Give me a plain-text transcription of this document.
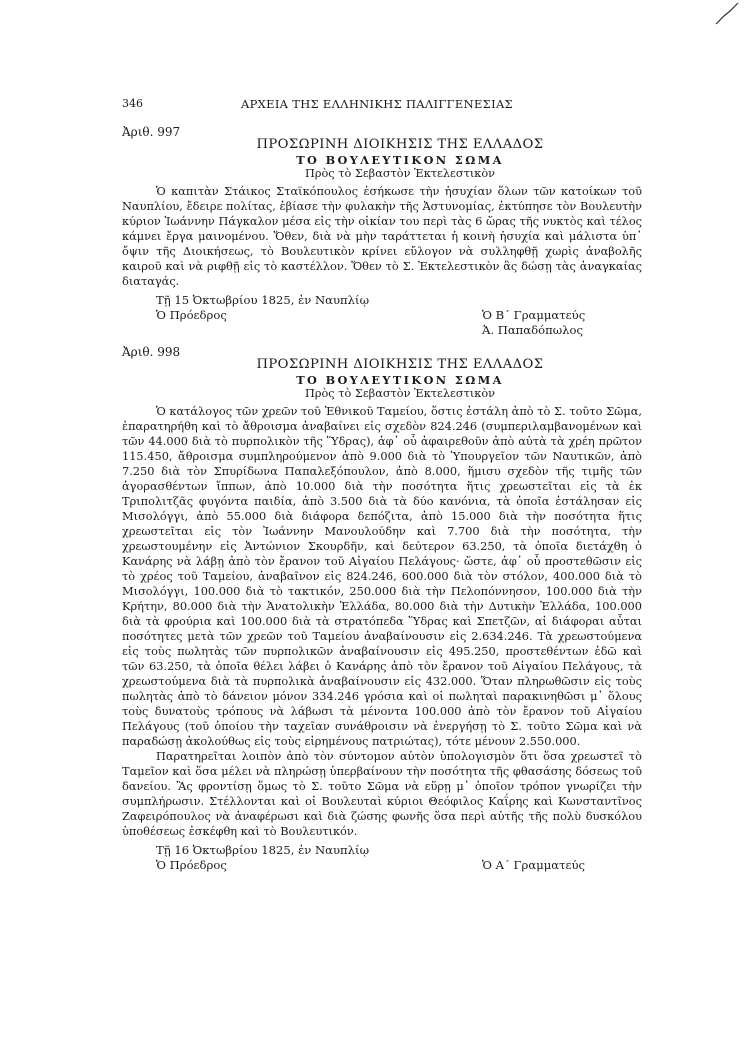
346	ΑΡΧΕΙΑ ΤΗΣ ΕΛΛΗΝΙΚΗΣ ΠΑΛΙΓΓΕΝΕΣΙΑΣ
Ἀριθ. 997
ΠΡΟΣΩΡΙΝΗ ΔΙΟΙΚΗΣΙΣ ΤΗΣ ΕΛΛΑΔΟΣ
ΤΟ ΒΟΥΛΕΥΤΙΚΟΝ ΣΩΜΑ
Πρὸς τὸ Σεβαστὸν Ἐκτελεστικὸν

Ὁ καπιτὰν Στάικος Σταϊκόπουλος ἐσήκωσε τὴν ἡσυχίαν ὅλων τῶν κατοίκων τοῦ Ναυπλίου, ἔδειρε πολίτας, ἐβίασε τὴν φυλακὴν τῆς Ἀστυνομίας, ἐκτύπησε τὸν Βουλευτὴν κύριον Ἰωάννην Πάγκαλον μέσα εἰς τὴν οἰκίαν του περὶ τὰς 6 ὥρας τῆς νυκτὸς καὶ τέλος κάμνει ἔργα μαινομένου. Ὅθεν, διὰ νὰ μὴν ταράττεται ἡ κοινὴ ἡσυχία καὶ μάλιστα ὑπ᾽ ὄψιν τῆς Διοικήσεως, τὸ Βουλευτικὸν κρίνει εὔλογον νὰ συλληφθῇ χωρὶς ἀναβολῆς καιροῦ καὶ νὰ ριφθῇ εἰς τὸ καστέλλον. Ὅθεν τὸ Σ. Ἐκτελεστικὸν ἂς δώσῃ τὰς ἀναγκαίας διαταγάς.

Τῇ 15 Ὀκτωβρίου 1825, ἐν Ναυπλίῳ
Ὁ Πρόεδρος	Ὁ Β´ Γραμματεύς
Ἀ. Παπαδόπωλος
Ἀριθ. 998
ΠΡΟΣΩΡΙΝΗ ΔΙΟΙΚΗΣΙΣ ΤΗΣ ΕΛΛΑΔΟΣ
ΤΟ ΒΟΥΛΕΥΤΙΚΟΝ ΣΩΜΑ
Πρὸς τὸ Σεβαστὸν Ἐκτελεστικὸν

Ὁ κατάλογος τῶν χρεῶν τοῦ Ἐθνικοῦ Ταμείου, ὅστις ἐστάλη ἀπὸ τὸ Σ. τοῦτο Σῶμα, ἐπαρατηρήθη καὶ τὸ ἄθροισμα ἀναβαίνει εἰς σχεδὸν 824.246 (συμπεριλαμβανομένων καὶ τῶν 44.000 διὰ τὸ πυρπολικὸν τῆς Ὕδρας), ἀφ᾽ οὗ ἀφαιρεθοῦν ἀπὸ αὐτὰ τὰ χρέη πρῶτον 115.450, ἄθροισμα συμπληρούμενον ἀπὸ 9.000 διὰ τὸ Ὑπουργεῖον τῶν Ναυτικῶν, ἀπὸ 7.250 διὰ τὸν Σπυρίδωνα Παπαλεξόπουλον, ἀπὸ 8.000, ἥμισυ σχεδὸν τῆς τιμῆς τῶν ἀγορασθέντων ἵππων, ἀπὸ 10.000 διὰ τὴν ποσότητα ἥτις χρεωστεῖται εἰς τὰ ἐκ Τριπολιτζᾶς φυγόντα παιδία, ἀπὸ 3.500 διὰ τὰ δύο κανόνια, τὰ ὁποῖα ἐστάλησαν εἰς Μισολόγγι, ἀπὸ 55.000 διὰ διάφορα δεπόζιτα, ἀπὸ 15.000 διὰ τὴν ποσότητα ἥτις χρεωστεῖται εἰς τὸν Ἰωάννην Μανουλούδην καὶ 7.700 διὰ τὴν ποσότητα, τὴν χρεωστουμένην εἰς Ἀντώνιον Σκουρδῆν, καὶ δεύτερον 63.250, τὰ ὁποῖα διετάχθη ὁ Κανάρης νὰ λάβῃ ἀπὸ τὸν ἔρανον τοῦ Αἰγαίου Πελάγους· ὥστε, ἀφ᾽ οὗ προστεθῶσιν εἰς τὸ χρέος τοῦ Ταμείου, ἀναβαῖνον εἰς 824.246, 600.000 διὰ τὸν στόλον, 400.000 διὰ τὸ Μισολόγγι, 100.000 διὰ τὸ τακτικόν, 250.000 διὰ τὴν Πελοπόννησον, 100.000 διὰ τὴν Κρήτην, 80.000 διὰ τὴν Ἀνατολικὴν Ἑλλάδα, 80.000 διὰ τὴν Δυτικὴν Ἑλλάδα, 100.000 διὰ τὰ φρούρια καὶ 100.000 διὰ τὰ στρατόπεδα Ὕδρας καὶ Σπετζῶν, αἱ διάφοραι αὗται ποσότητες μετὰ τῶν χρεῶν τοῦ Ταμείου ἀναβαίνουσιν εἰς 2.634.246. Τὰ χρεωστούμενα εἰς τοὺς πωλητὰς τῶν πυρπολικῶν ἀναβαίνουσιν εἰς 495.250, προστεθέντων ἐδῶ καὶ τῶν 63.250, τὰ ὁποῖα θέλει λάβει ὁ Κανάρης ἀπὸ τὸν ἔρανον τοῦ Αἰγαίου Πελάγους, τὰ χρεωστούμενα διὰ τὰ πυρπολικὰ ἀναβαίνουσιν εἰς 432.000. Ὅταν πληρωθῶσιν εἰς τοὺς πωλητὰς ἀπὸ τὸ δάνειον μόνον 334.246 γρόσια καὶ οἱ πωληταὶ παρακινηθῶσι μ᾽ ὅλους τοὺς δυνατοὺς τρόπους νὰ λάβωσι τὰ μένοντα 100.000 ἀπὸ τὸν ἔρανον τοῦ Αἰγαίου Πελάγους (τοῦ ὁποίου τὴν ταχεῖαν συνάθροισιν νὰ ἐνεργήσῃ τὸ Σ. τοῦτο Σῶμα καὶ νὰ παραδώσῃ ἀκολούθως εἰς τοὺς εἰρημένους πατριώτας), τότε μένουν 2.550.000.

Παρατηρεῖται λοιπὸν ἀπὸ τὸν σύντομον αὐτὸν ὑπολογισμὸν ὅτι ὅσα χρεωστεῖ τὸ Ταμεῖον καὶ ὅσα μέλει νὰ πληρώσῃ ὑπερβαίνουν τὴν ποσότητα τῆς φθασάσης δόσεως τοῦ δανείου. Ἂς φροντίσῃ ὅμως τὸ Σ. τοῦτο Σῶμα νὰ εὕρῃ μ᾽ ὁποῖον τρόπον γνωρίζει τὴν συμπλήρωσιν. Στέλλονται καὶ οἱ Βουλευταὶ κύριοι Θεόφιλος Καΐρης καὶ Κωνσταντῖνος Ζαφειρόπουλος νὰ ἀναφέρωσι καὶ διὰ ζώσης φωνῆς ὅσα περὶ αὐτῆς τῆς πολὺ δυσκόλου ὑποθέσεως ἐσκέφθη καὶ τὸ Βουλευτικόν.

Τῇ 16 Ὀκτωβρίου 1825, ἐν Ναυπλίῳ
Ὁ Πρόεδρος	Ὁ Α´ Γραμματεύς
